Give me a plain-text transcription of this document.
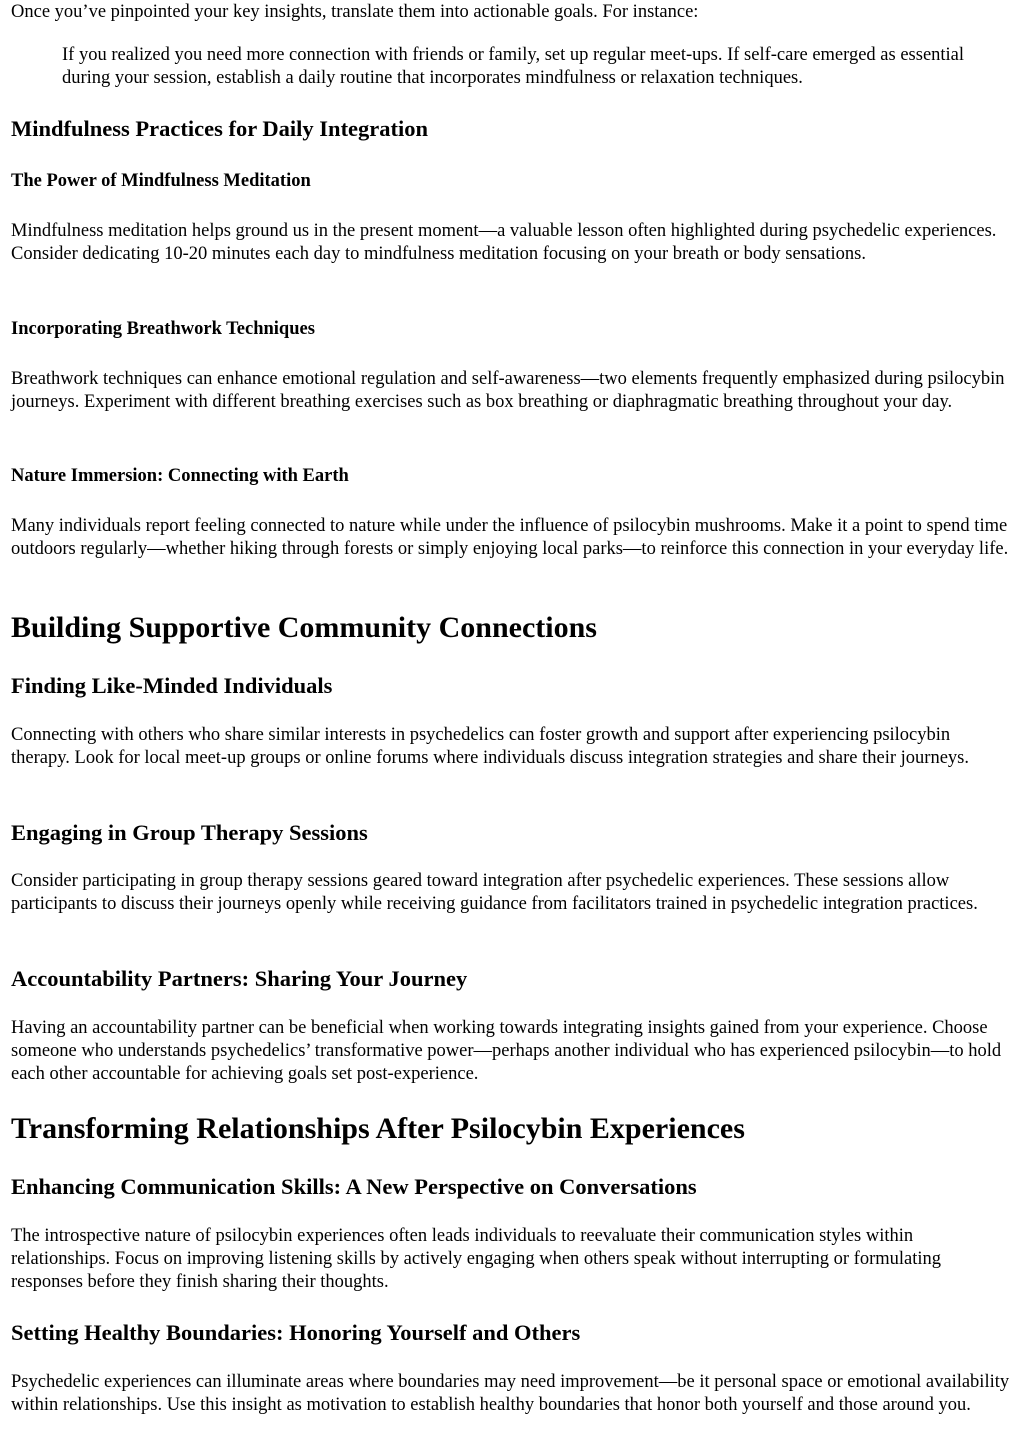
Once you’ve pinpointed your key insights, translate them into actionable goals. For instance:

If you realized you need more connection with friends or family, set up regular meet-ups. If self-care emerged as essential during your session, establish a daily routine that incorporates mindfulness or relaxation techniques.

Mindfulness Practices for Daily Integration
The Power of Mindfulness Meditation

Mindfulness meditation helps ground us in the present moment—a valuable lesson often highlighted during psychedelic experiences. Consider dedicating 10-20 minutes each day to mindfulness meditation focusing on your breath or body sensations.

Incorporating Breathwork Techniques

Breathwork techniques can enhance emotional regulation and self-awareness—two elements frequently emphasized during psilocybin journeys. Experiment with different breathing exercises such as box breathing or diaphragmatic breathing throughout your day.

Nature Immersion: Connecting with Earth

Many individuals report feeling connected to nature while under the influence of psilocybin mushrooms. Make it a point to spend time outdoors regularly—whether hiking through forests or simply enjoying local parks—to reinforce this connection in your everyday life.

Building Supportive Community Connections
Finding Like-Minded Individuals

Connecting with others who share similar interests in psychedelics can foster growth and support after experiencing psilocybin therapy. Look for local meet-up groups or online forums where individuals discuss integration strategies and share their journeys.

Engaging in Group Therapy Sessions

Consider participating in group therapy sessions geared toward integration after psychedelic experiences. These sessions allow participants to discuss their journeys openly while receiving guidance from facilitators trained in psychedelic integration practices.

Accountability Partners: Sharing Your Journey

Having an accountability partner can be beneficial when working towards integrating insights gained from your experience. Choose someone who understands psychedelics’ transformative power—perhaps another individual who has experienced psilocybin—to hold each other accountable for achieving goals set post-experience.

Transforming Relationships After Psilocybin Experiences
Enhancing Communication Skills: A New Perspective on Conversations

The introspective nature of psilocybin experiences often leads individuals to reevaluate their communication styles within relationships. Focus on improving listening skills by actively engaging when others speak without interrupting or formulating responses before they finish sharing their thoughts.

Setting Healthy Boundaries: Honoring Yourself and Others

Psychedelic experiences can illuminate areas where boundaries may need improvement—be it personal space or emotional availability within relationships. Use this insight as motivation to establish healthy boundaries that honor both yourself and those around you.
